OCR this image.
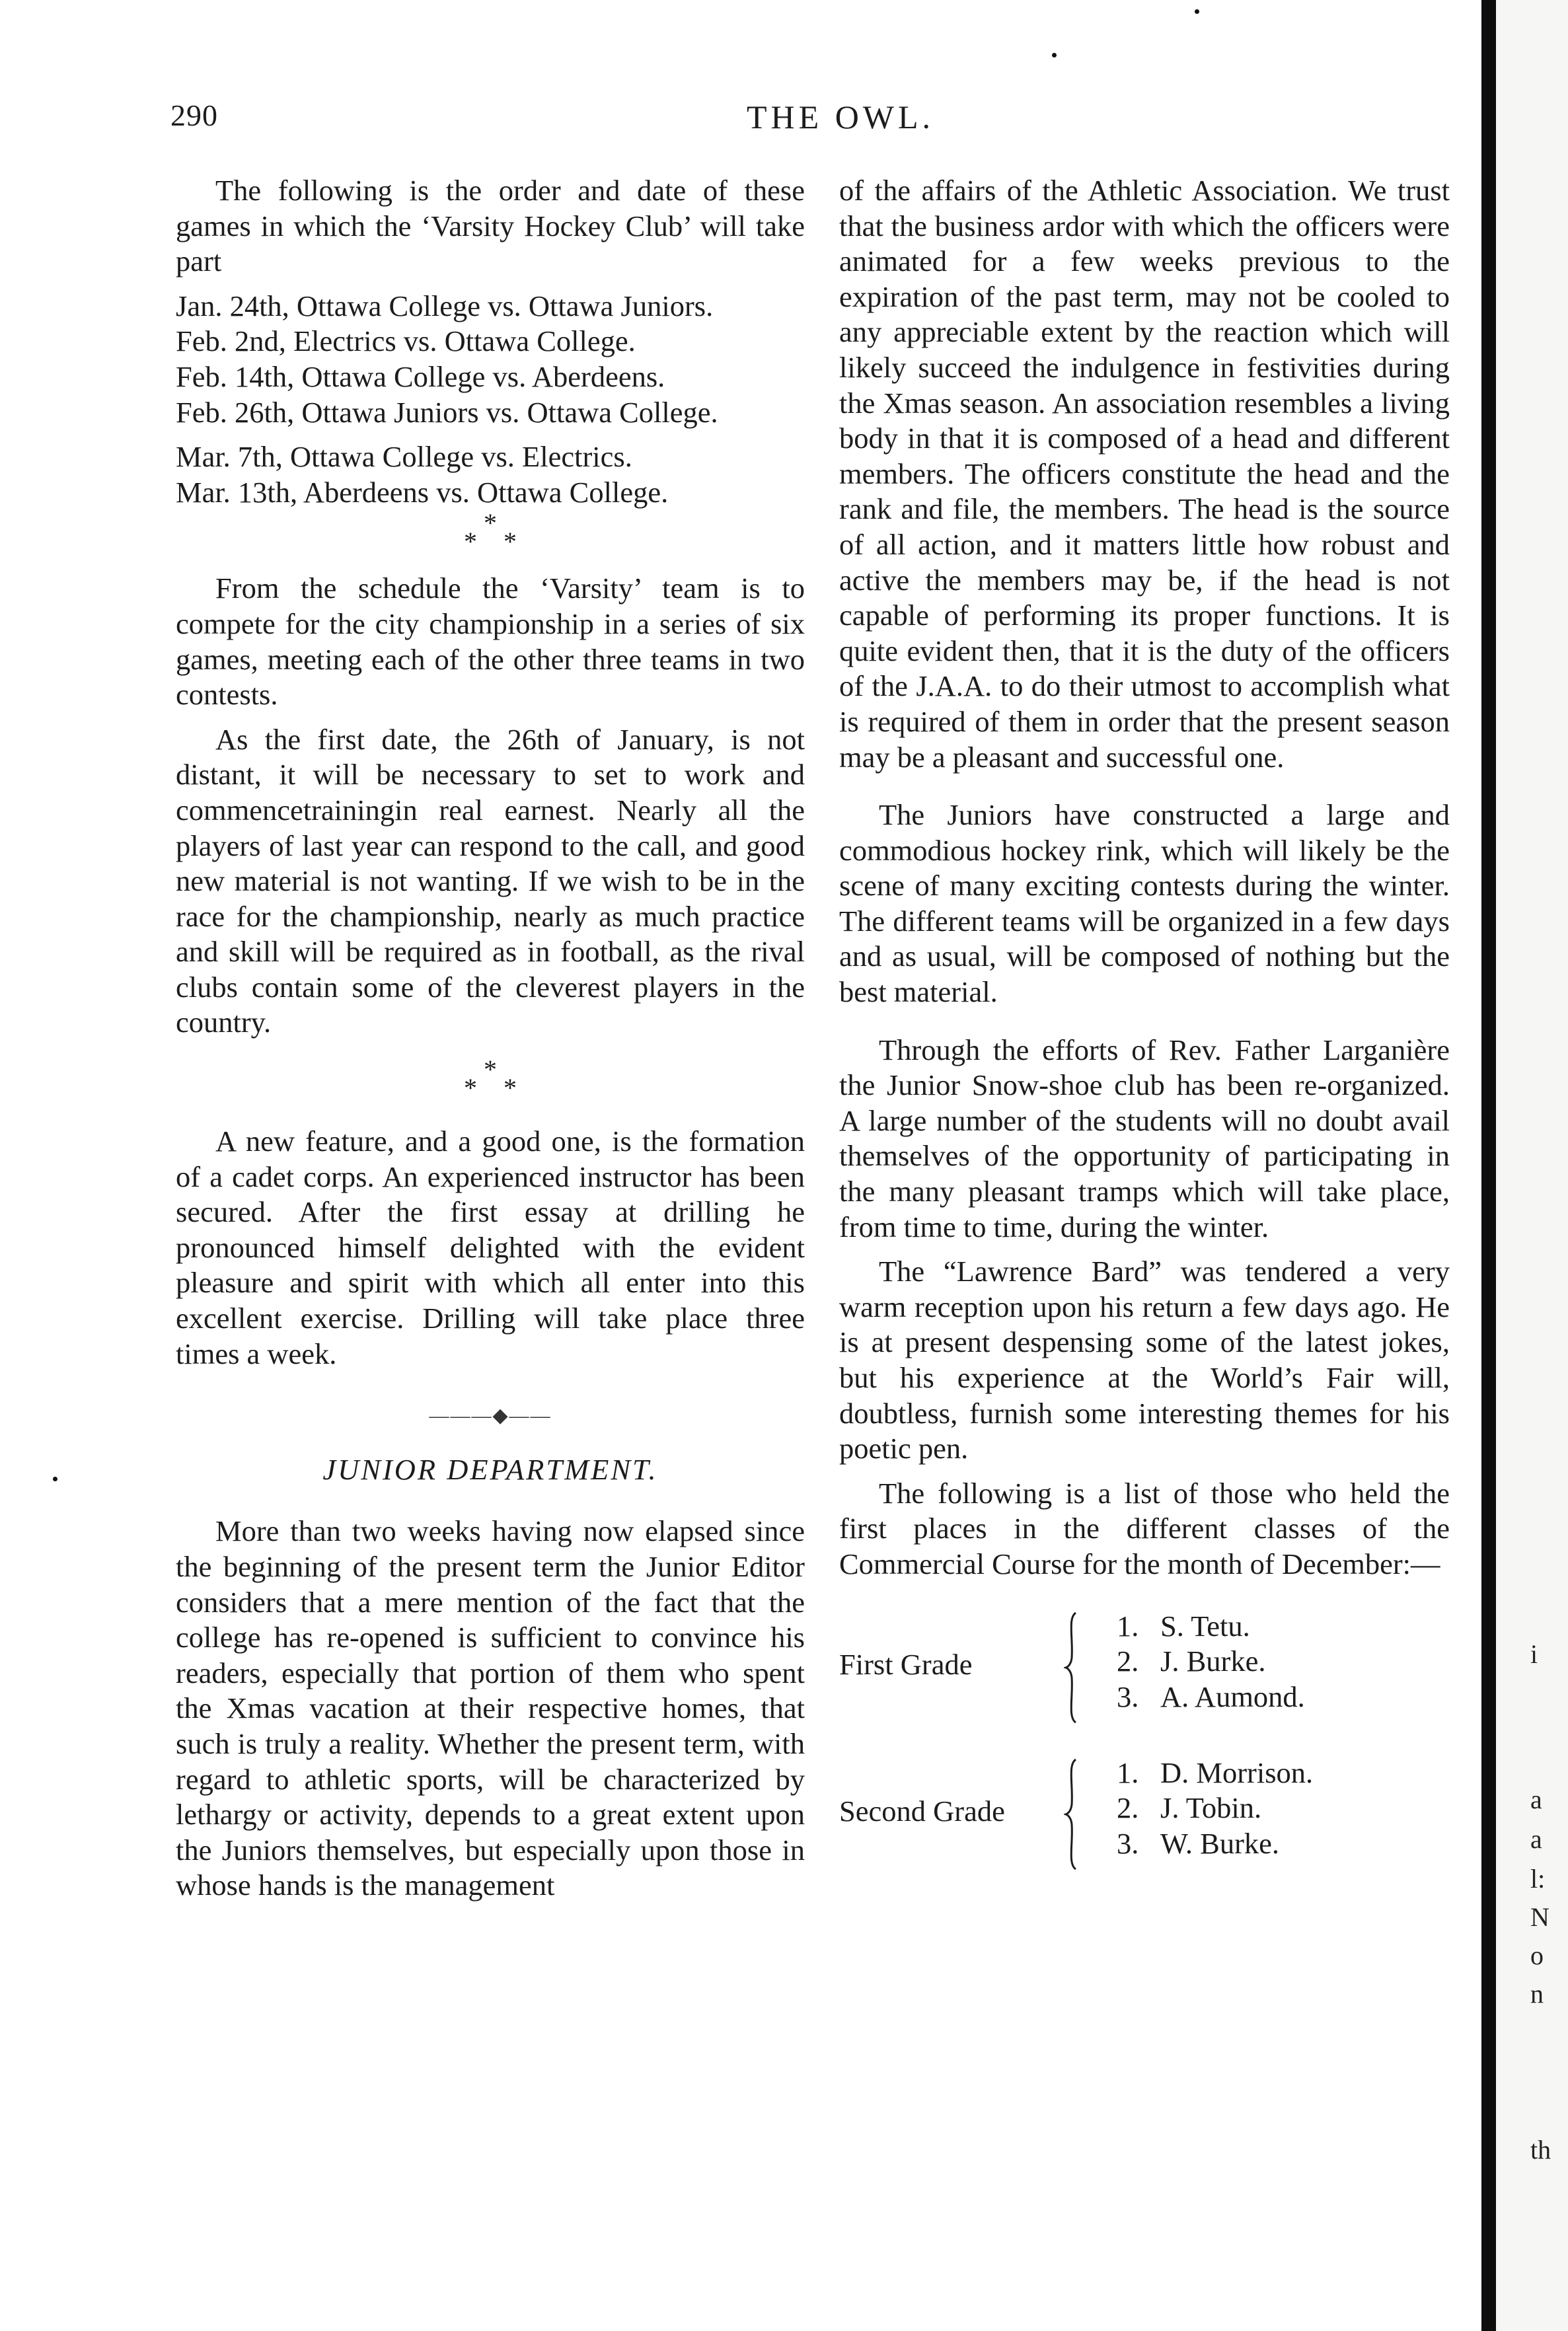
290	THE OWL.

The following is the order and date of these games in which the ‘Varsity Hockey Club’ will take part

Jan. 24th, Ottawa College vs. Ottawa Juniors.

Feb. 2nd, Electrics vs. Ottawa College.

Feb. 14th, Ottawa College vs. Aberdeens.

Feb. 26th, Ottawa Juniors vs. Ottawa College.

Mar. 7th, Ottawa College vs. Electrics.

Mar. 13th, Aberdeens vs. Ottawa College.

*
*  *

From the schedule the ‘Varsity’ team is to compete for the city championship in a series of six games, meeting each of the other three teams in two contests.

As the first date, the 26th of January, is not distant, it will be necessary to set to work and commencetrainingin real earnest. Nearly all the players of last year can respond to the call, and good new material is not wanting. If we wish to be in the race for the championship, nearly as much practice and skill will be required as in football, as the rival clubs contain some of the cleverest players in the country.

*
*  *

A new feature, and a good one, is the formation of a cadet corps. An experienced instructor has been secured. After the first essay at drilling he pronounced himself delighted with the evident pleasure and spirit with which all enter into this excellent exercise. Drilling will take place three times a week.

———◆——
JUNIOR DEPARTMENT.

More than two weeks having now elapsed since the beginning of the present term the Junior Editor considers that a mere mention of the fact that the college has re-opened is sufficient to convince his readers, especially that portion of them who spent the Xmas vacation at their respective homes, that such is truly a reality. Whether the present term, with regard to athletic sports, will be characterized by lethargy or activity, depends to a great extent upon the Juniors themselves, but especially upon those in whose hands is the management

of the affairs of the Athletic Association. We trust that the business ardor with which the officers were animated for a few weeks previous to the expiration of the past term, may not be cooled to any appreciable extent by the reaction which will likely succeed the indulgence in festivities during the Xmas season. An association resembles a living body in that it is composed of a head and different members. The officers constitute the head and the rank and file, the members. The head is the source of all action, and it matters little how robust and active the members may be, if the head is not capable of performing its proper functions. It is quite evident then, that it is the duty of the officers of the J.A.A. to do their utmost to accomplish what is required of them in order that the present season may be a pleasant and successful one.

The Juniors have constructed a large and commodious hockey rink, which will likely be the scene of many exciting contests during the winter. The different teams will be organized in a few days and as usual, will be composed of nothing but the best material.

Through the efforts of Rev. Father Larganière the Junior Snow-shoe club has been re-organized. A large number of the students will no doubt avail themselves of the opportunity of participating in the many pleasant tramps which will take place, from time to time, during the winter.

The “Lawrence Bard” was tendered a very warm reception upon his return a few days ago. He is at present despensing some of the latest jokes, but his experience at the World’s Fair will, doubtless, furnish some interesting themes for his poetic pen.

The following is a list of those who held the first places in the different classes of the Commercial Course for the month of December:—

First Grade
1. S. Tetu.
2. J. Burke.
3. A. Aumond.
Second Grade
1. D. Morrison.
2. J. Tobin.
3. W. Burke.
i
a
a
l:
N
o
n
th
